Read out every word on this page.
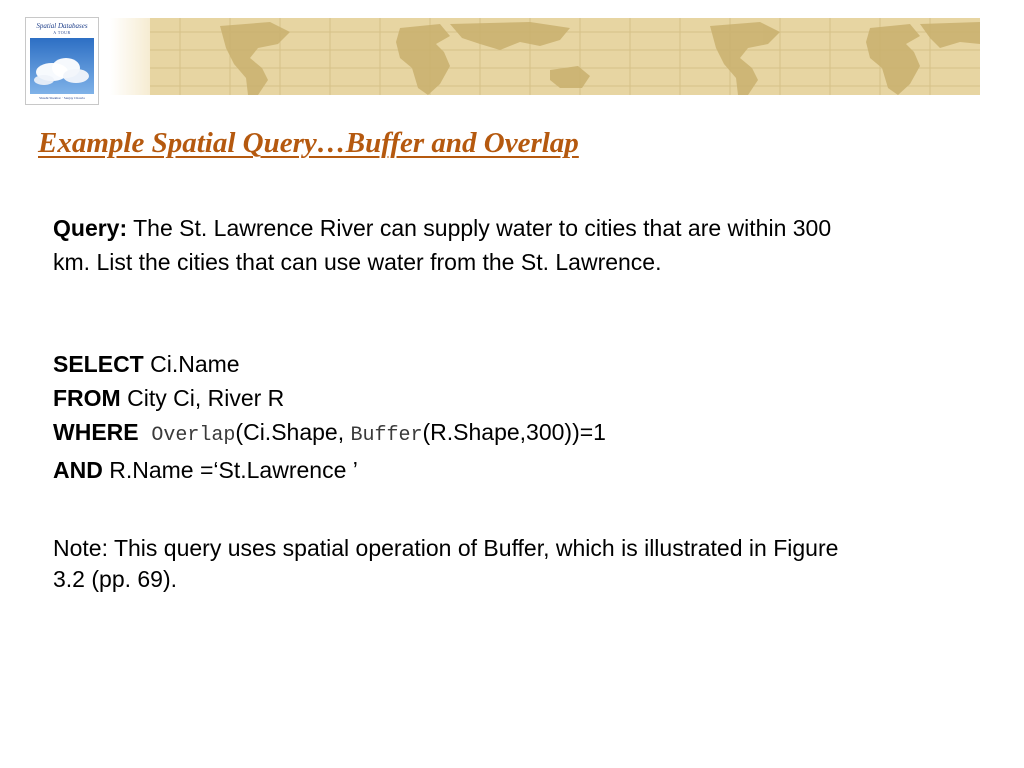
Spatial Databases
A TOUR
Shashi Shekhar · Sanjay Chawla
Example Spatial Query…Buffer and Overlap
Query: The St. Lawrence River can supply water to cities that are within 300 km. List the cities that can use water from the St. Lawrence.
SELECT Ci.Name
FROM City Ci, River R
WHERE Overlap(Ci.Shape, Buffer(R.Shape,300))=1
AND R.Name =‘St.Lawrence ’
Note: This query uses spatial operation of Buffer, which is illustrated in Figure 3.2 (pp. 69).
